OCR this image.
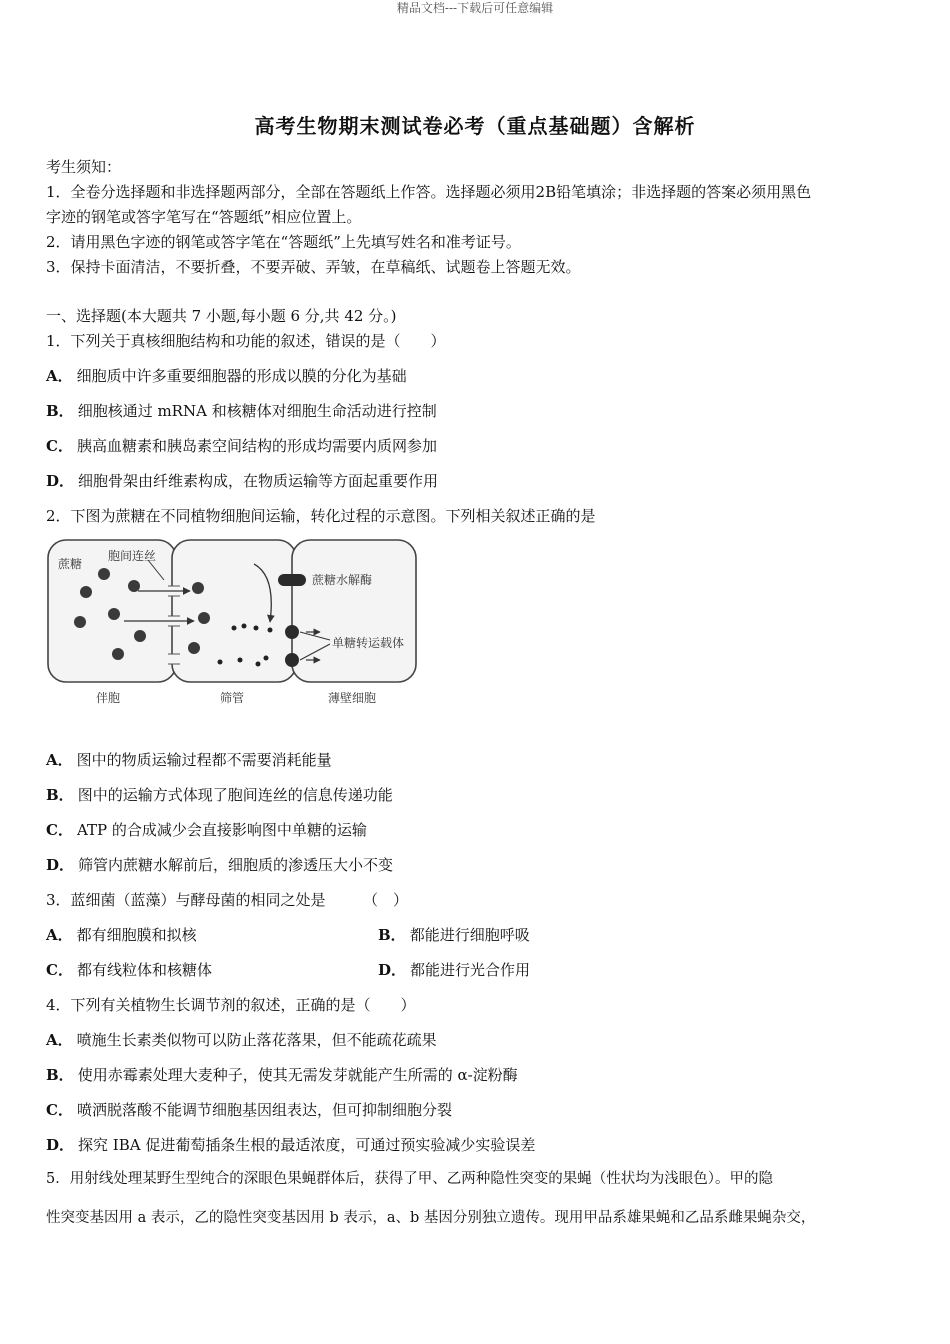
精品文档---下载后可任意编辑
高考生物期末测试卷必考（重点基础题）含解析
考生须知：
1．全卷分选择题和非选择题两部分，全部在答题纸上作答。选择题必须用2B铅笔填涂；非选择题的答案必须用黑色
字迹的钢笔或答字笔写在“答题纸”相应位置上。
2．请用黑色字迹的钢笔或答字笔在“答题纸”上先填写姓名和准考证号。
3．保持卡面清洁，不要折叠，不要弄破、弄皱，在草稿纸、试题卷上答题无效。
一、选择题(本大题共 7 小题,每小题 6 分,共 42 分。)
1．下列关于真核细胞结构和功能的叙述，错误的是（　　）
A． 细胞质中许多重要细胞器的形成以膜的分化为基础
B． 细胞核通过 mRNA 和核糖体对细胞生命活动进行控制
C． 胰高血糖素和胰岛素空间结构的形成均需要内质网参加
D． 细胞骨架由纤维素构成，在物质运输等方面起重要作用
2．下图为蔗糖在不同植物细胞间运输，转化过程的示意图。下列相关叙述正确的是
蔗糖
胞间连丝
蔗糖水解酶
单糖转运载体
伴胞	筛管	薄壁细胞
A． 图中的物质运输过程都不需要消耗能量
B． 图中的运输方式体现了胞间连丝的信息传递功能
C． ATP 的合成减少会直接影响图中单糖的运输
D． 筛管内蔗糖水解前后，细胞质的渗透压大小不变
3．蓝细菌（蓝藻）与酵母菌的相同之处是　　　（　）
A． 都有细胞膜和拟核	B． 都能进行细胞呼吸
C． 都有线粒体和核糖体	D． 都能进行光合作用
4．下列有关植物生长调节剂的叙述，正确的是（　　）
A． 喷施生长素类似物可以防止落花落果，但不能疏花疏果
B． 使用赤霉素处理大麦种子，使其无需发芽就能产生所需的 α-淀粉酶
C． 喷洒脱落酸不能调节细胞基因组表达，但可抑制细胞分裂
D． 探究 IBA 促进葡萄插条生根的最适浓度，可通过预实验减少实验误差
5．用射线处理某野生型纯合的深眼色果蝇群体后，获得了甲、乙两种隐性突变的果蝇（性状均为浅眼色）。甲的隐
性突变基因用 a 表示，乙的隐性突变基因用 b 表示，a、b 基因分别独立遗传。现用甲品系雄果蝇和乙品系雌果蝇杂交，
